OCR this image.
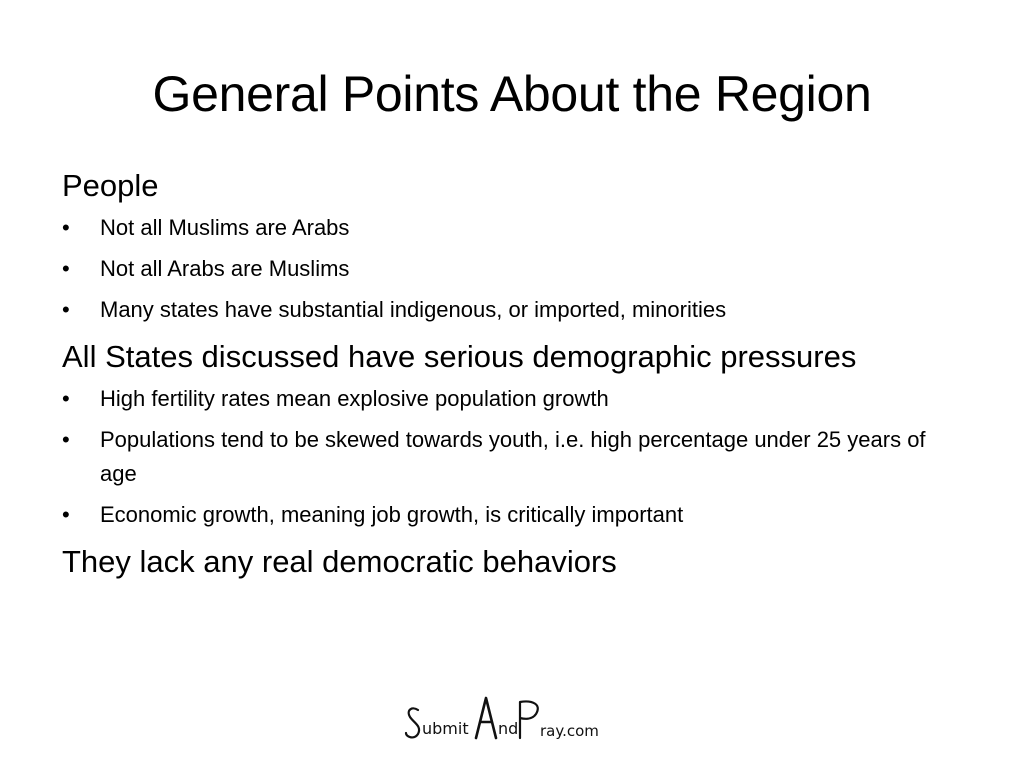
General Points About the Region

People

•	Not all Muslims are Arabs
•	Not all Arabs are Muslims
•	Many states have substantial indigenous, or imported, minorities

All States discussed have serious demographic pressures

•	High fertility rates mean explosive population growth
•	Populations tend to be skewed towards youth, i.e. high percentage under 25 years of age
•	Economic growth, meaning job growth, is critically important

They lack any real democratic behaviors

ubmit nd ray.com
